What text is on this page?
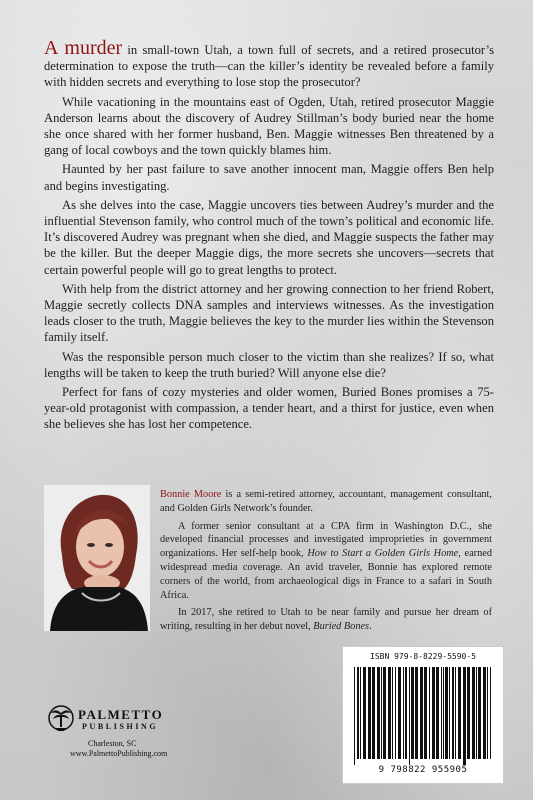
A murder in small-town Utah, a town full of secrets, and a retired prosecutor’s determination to expose the truth—can the killer’s identity be revealed before a family with hidden secrets and everything to lose stop the prosecutor?

While vacationing in the mountains east of Ogden, Utah, retired prosecutor Maggie Anderson learns about the discovery of Audrey Stillman’s body buried near the home she once shared with her former husband, Ben. Maggie witnesses Ben threatened by a gang of local cowboys and the town quickly blames him.

Haunted by her past failure to save another innocent man, Maggie offers Ben help and begins investigating.

As she delves into the case, Maggie uncovers ties between Audrey’s murder and the influential Stevenson family, who control much of the town’s political and economic life. It’s discovered Audrey was pregnant when she died, and Maggie suspects the father may be the killer. But the deeper Maggie digs, the more secrets she uncovers—secrets that certain powerful people will go to great lengths to protect.

With help from the district attorney and her growing connection to her friend Robert, Maggie secretly collects DNA samples and interviews witnesses. As the investigation leads closer to the truth, Maggie believes the key to the murder lies within the Stevenson family itself.

Was the responsible person much closer to the victim than she realizes? If so, what lengths will be taken to keep the truth buried? Will anyone else die?

Perfect for fans of cozy mysteries and older women, Buried Bones promises a 75-year-old protagonist with compassion, a tender heart, and a thirst for justice, even when she believes she has lost her competence.

Bonnie Moore is a semi-retired attorney, accountant, management consultant, and Golden Girls Network’s founder.

A former senior consultant at a CPA firm in Washington D.C., she developed financial processes and investigated improprieties in government organizations. Her self-help book, How to Start a Golden Girls Home, earned widespread media coverage. An avid traveler, Bonnie has explored remote corners of the world, from archaeological digs in France to a safari in South Africa.

In 2017, she retired to Utah to be near family and pursue her dream of writing, resulting in her debut novel, Buried Bones.

PALMETTO
PUBLISHING
Charleston, SC
www.PalmettoPublishing.com
ISBN 979-8-8229-5590-5
9 798822 955905
